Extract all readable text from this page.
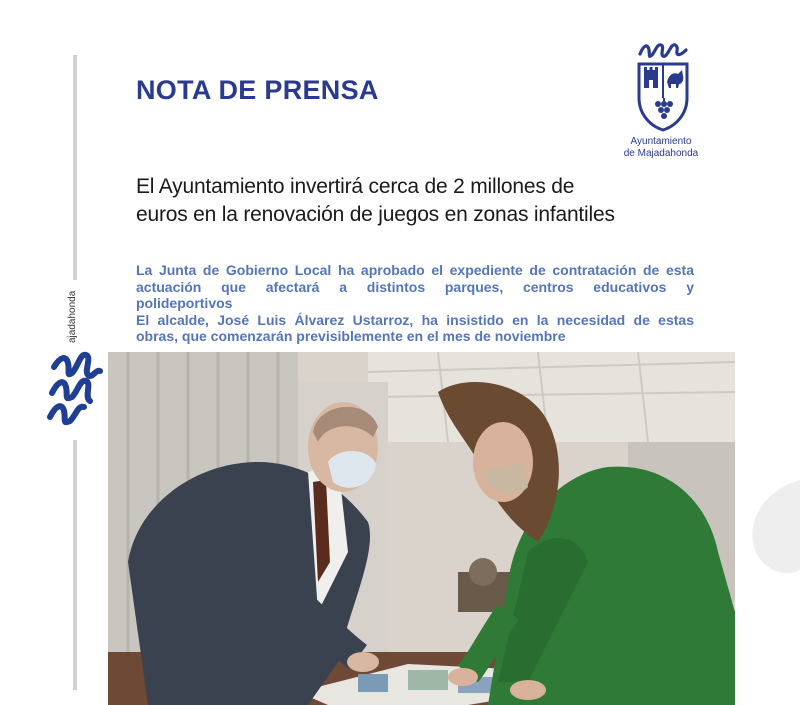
ajadahonda
NOTA DE PRENSA
Ayuntamiento
de Majadahonda
El Ayuntamiento invertirá cerca de 2 millones de
euros en la renovación de juegos en zonas infantiles
La Junta de Gobierno Local ha aprobado el expediente de contratación de esta
actuación que afectará a distintos parques, centros educativos y
polideportivos
El alcalde, José Luis Álvarez Ustarroz, ha insistido en la necesidad de estas
obras, que comenzarán previsiblemente en el mes de noviembre
